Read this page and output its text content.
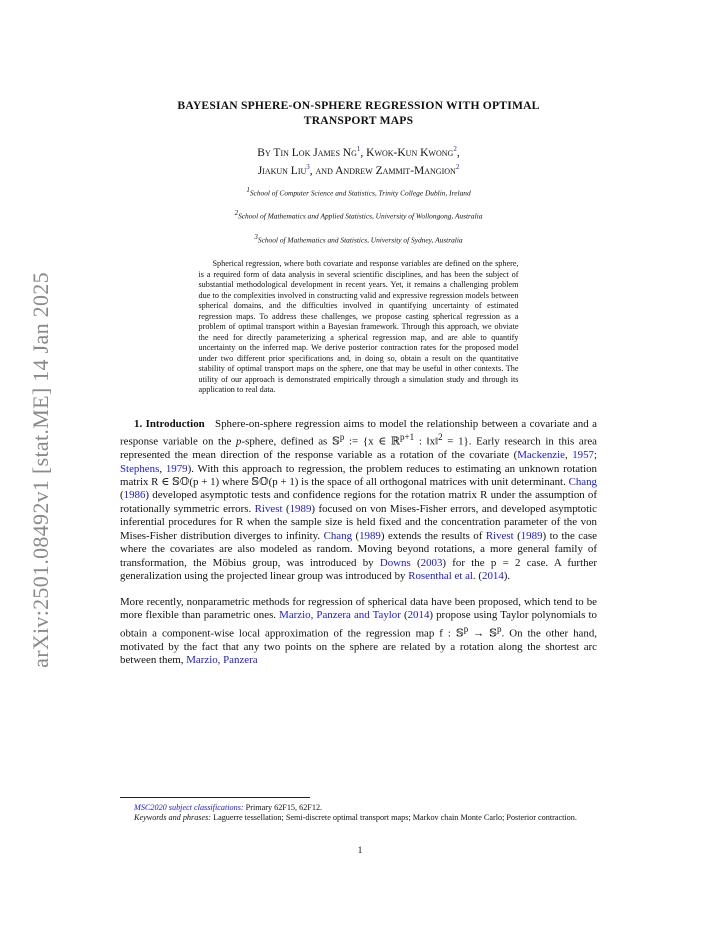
arXiv:2501.08492v1 [stat.ME] 14 Jan 2025
BAYESIAN SPHERE-ON-SPHERE REGRESSION WITH OPTIMAL
TRANSPORT MAPS
By Tin Lok James Ng$^1$, Kwok-Kun Kwong$^2$,
Jiakun Liu$^3$, and Andrew Zammit-Mangion$^2$
$^1$School of Computer Science and Statistics, Trinity College Dublin, Ireland
$^2$School of Mathematics and Applied Statistics, University of Wollongong, Australia
$^3$School of Mathematics and Statistics, University of Sydney, Australia

Spherical regression, where both covariate and response variables are defined on the sphere, is a required form of data analysis in several scientific disciplines, and has been the subject of substantial methodological development in recent years. Yet, it remains a challenging problem due to the complexities involved in constructing valid and expressive regression models between spherical domains, and the difficulties involved in quantifying uncertainty of estimated regression maps. To address these challenges, we propose casting spherical regression as a problem of optimal transport within a Bayesian framework. Through this approach, we obviate the need for directly parameterizing a spherical regression map, and are able to quantify uncertainty on the inferred map. We derive posterior contraction rates for the proposed model under two different prior specifications and, in doing so, obtain a result on the quantitative stability of optimal transport maps on the sphere, one that may be useful in other contexts. The utility of our approach is demonstrated empirically through a simulation study and through its application to real data.

1. Introduction Sphere-on-sphere regression aims to model the relationship between a covariate and a response variable on the p-sphere, defined as 𝕊$^p$ := {x ∈ ℝ$^{p+1}$ : ‖x‖$^2$ = 1}. Early research in this area represented the mean direction of the response variable as a rotation of the covariate (Mackenzie, 1957; Stephens, 1979). With this approach to regression, the problem reduces to estimating an unknown rotation matrix R ∈ 𝕊𝕆(p + 1) where 𝕊𝕆(p + 1) is the space of all orthogonal matrices with unit determinant. Chang (1986) developed asymptotic tests and confidence regions for the rotation matrix R under the assumption of rotationally symmetric errors. Rivest (1989) focused on von Mises-Fisher errors, and developed asymptotic inferential procedures for R when the sample size is held fixed and the concentration parameter of the von Mises-Fisher distribution diverges to infinity. Chang (1989) extends the results of Rivest (1989) to the case where the covariates are also modeled as random. Moving beyond rotations, a more general family of transformation, the Möbius group, was introduced by Downs (2003) for the p = 2 case. A further generalization using the projected linear group was introduced by Rosenthal et al. (2014).

More recently, nonparametric methods for regression of spherical data have been proposed, which tend to be more flexible than parametric ones. Marzio, Panzera and Taylor (2014) propose using Taylor polynomials to obtain a component-wise local approximation of the regression map f : 𝕊$^p$ → 𝕊$^p$. On the other hand, motivated by the fact that any two points on the sphere are related by a rotation along the shortest arc between them, Marzio, Panzera

MSC2020 subject classifications: Primary 62F15, 62F12.

Keywords and phrases: Laguerre tessellation; Semi-discrete optimal transport maps; Markov chain Monte Carlo; Posterior contraction.

1
